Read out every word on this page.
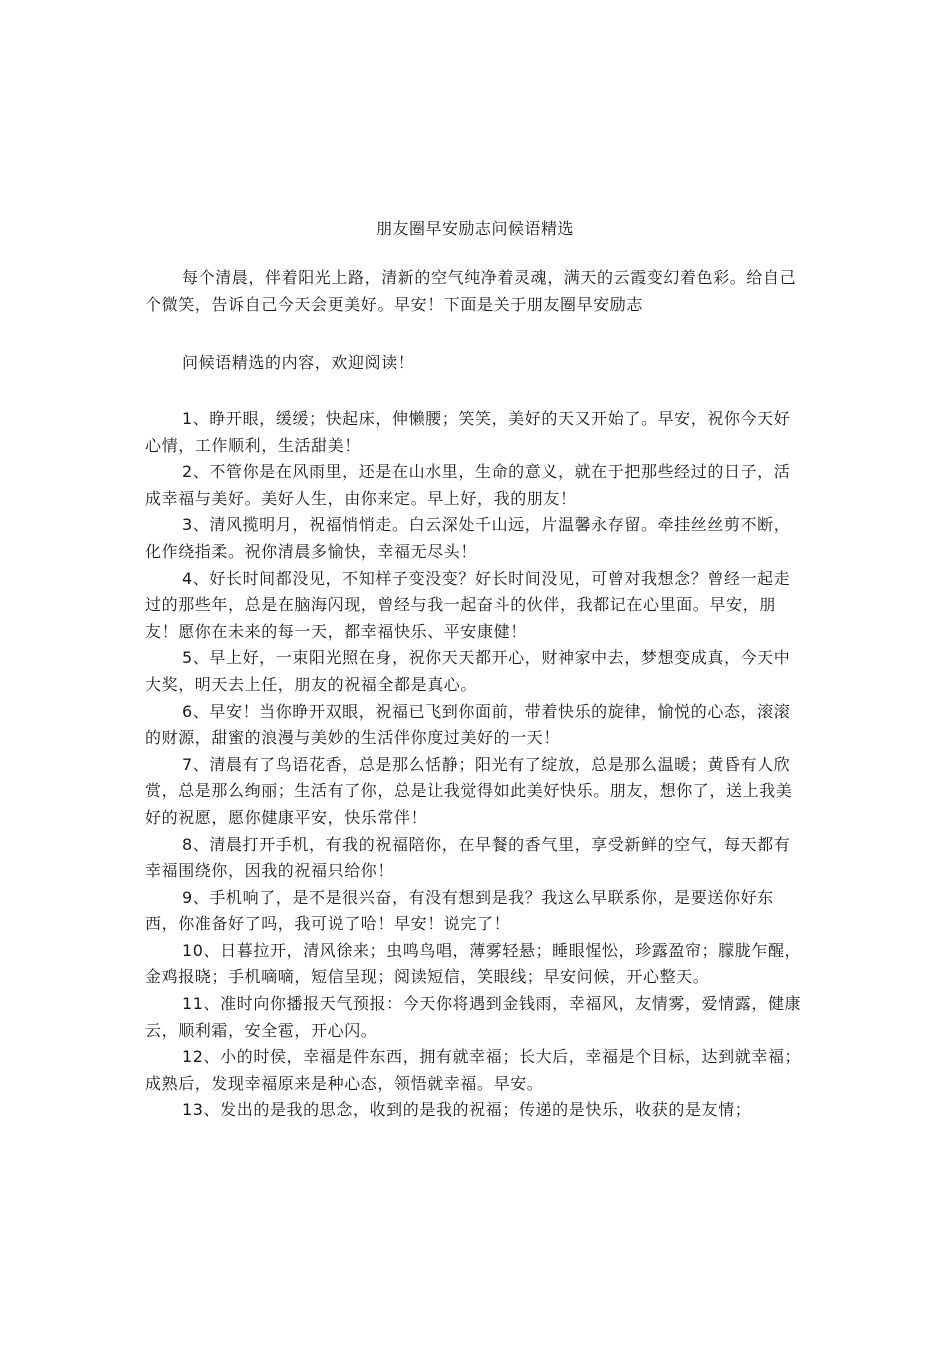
朋友圈早安励志问候语精选

每个清晨，伴着阳光上路，清新的空气纯净着灵魂，满天的云霞变幻着色彩。给自己个微笑，告诉自己今天会更美好。早安！下面是关于朋友圈早安励志

问候语精选的内容，欢迎阅读！

1、睁开眼，缓缓；快起床，伸懒腰；笑笑，美好的天又开始了。早安，祝你今天好心情，工作顺利，生活甜美！
2、不管你是在风雨里，还是在山水里，生命的意义，就在于把那些经过的日子，活成幸福与美好。美好人生，由你来定。早上好，我的朋友！
3、清风揽明月，祝福悄悄走。白云深处千山远，片温馨永存留。牵挂丝丝剪不断，化作绕指柔。祝你清晨多愉快，幸福无尽头！
4、好长时间都没见，不知样子变没变？好长时间没见，可曾对我想念？曾经一起走过的那些年，总是在脑海闪现，曾经与我一起奋斗的伙伴，我都记在心里面。早安，朋友！愿你在未来的每一天，都幸福快乐、平安康健！
5、早上好，一束阳光照在身，祝你天天都开心，财神家中去，梦想变成真，今天中大奖，明天去上任，朋友的祝福全都是真心。
6、早安！当你睁开双眼，祝福已飞到你面前，带着快乐的旋律，愉悦的心态，滚滚的财源，甜蜜的浪漫与美妙的生活伴你度过美好的一天！
7、清晨有了鸟语花香，总是那么恬静；阳光有了绽放，总是那么温暖；黄昏有人欣赏，总是那么绚丽；生活有了你，总是让我觉得如此美好快乐。朋友，想你了，送上我美好的祝愿，愿你健康平安，快乐常伴！
8、清晨打开手机，有我的祝福陪你，在早餐的香气里，享受新鲜的空气，每天都有幸福围绕你，因我的祝福只给你！
9、手机响了，是不是很兴奋，有没有想到是我？我这么早联系你，是要送你好东西，你准备好了吗，我可说了哈！早安！说完了！
10、日暮拉开，清风徐来；虫鸣鸟唱，薄雾轻悬；睡眼惺忪，珍露盈帘；朦胧乍醒，金鸡报晓；手机嘀嘀，短信呈现；阅读短信，笑眼线；早安问候，开心整天。
11、准时向你播报天气预报：今天你将遇到金钱雨，幸福风，友情雾，爱情露，健康云，顺利霜，安全雹，开心闪。
12、小的时侯，幸福是件东西，拥有就幸福；长大后，幸福是个目标，达到就幸福；成熟后，发现幸福原来是种心态，领悟就幸福。早安。
13、发出的是我的思念，收到的是我的祝福；传递的是快乐，收获的是友情；
